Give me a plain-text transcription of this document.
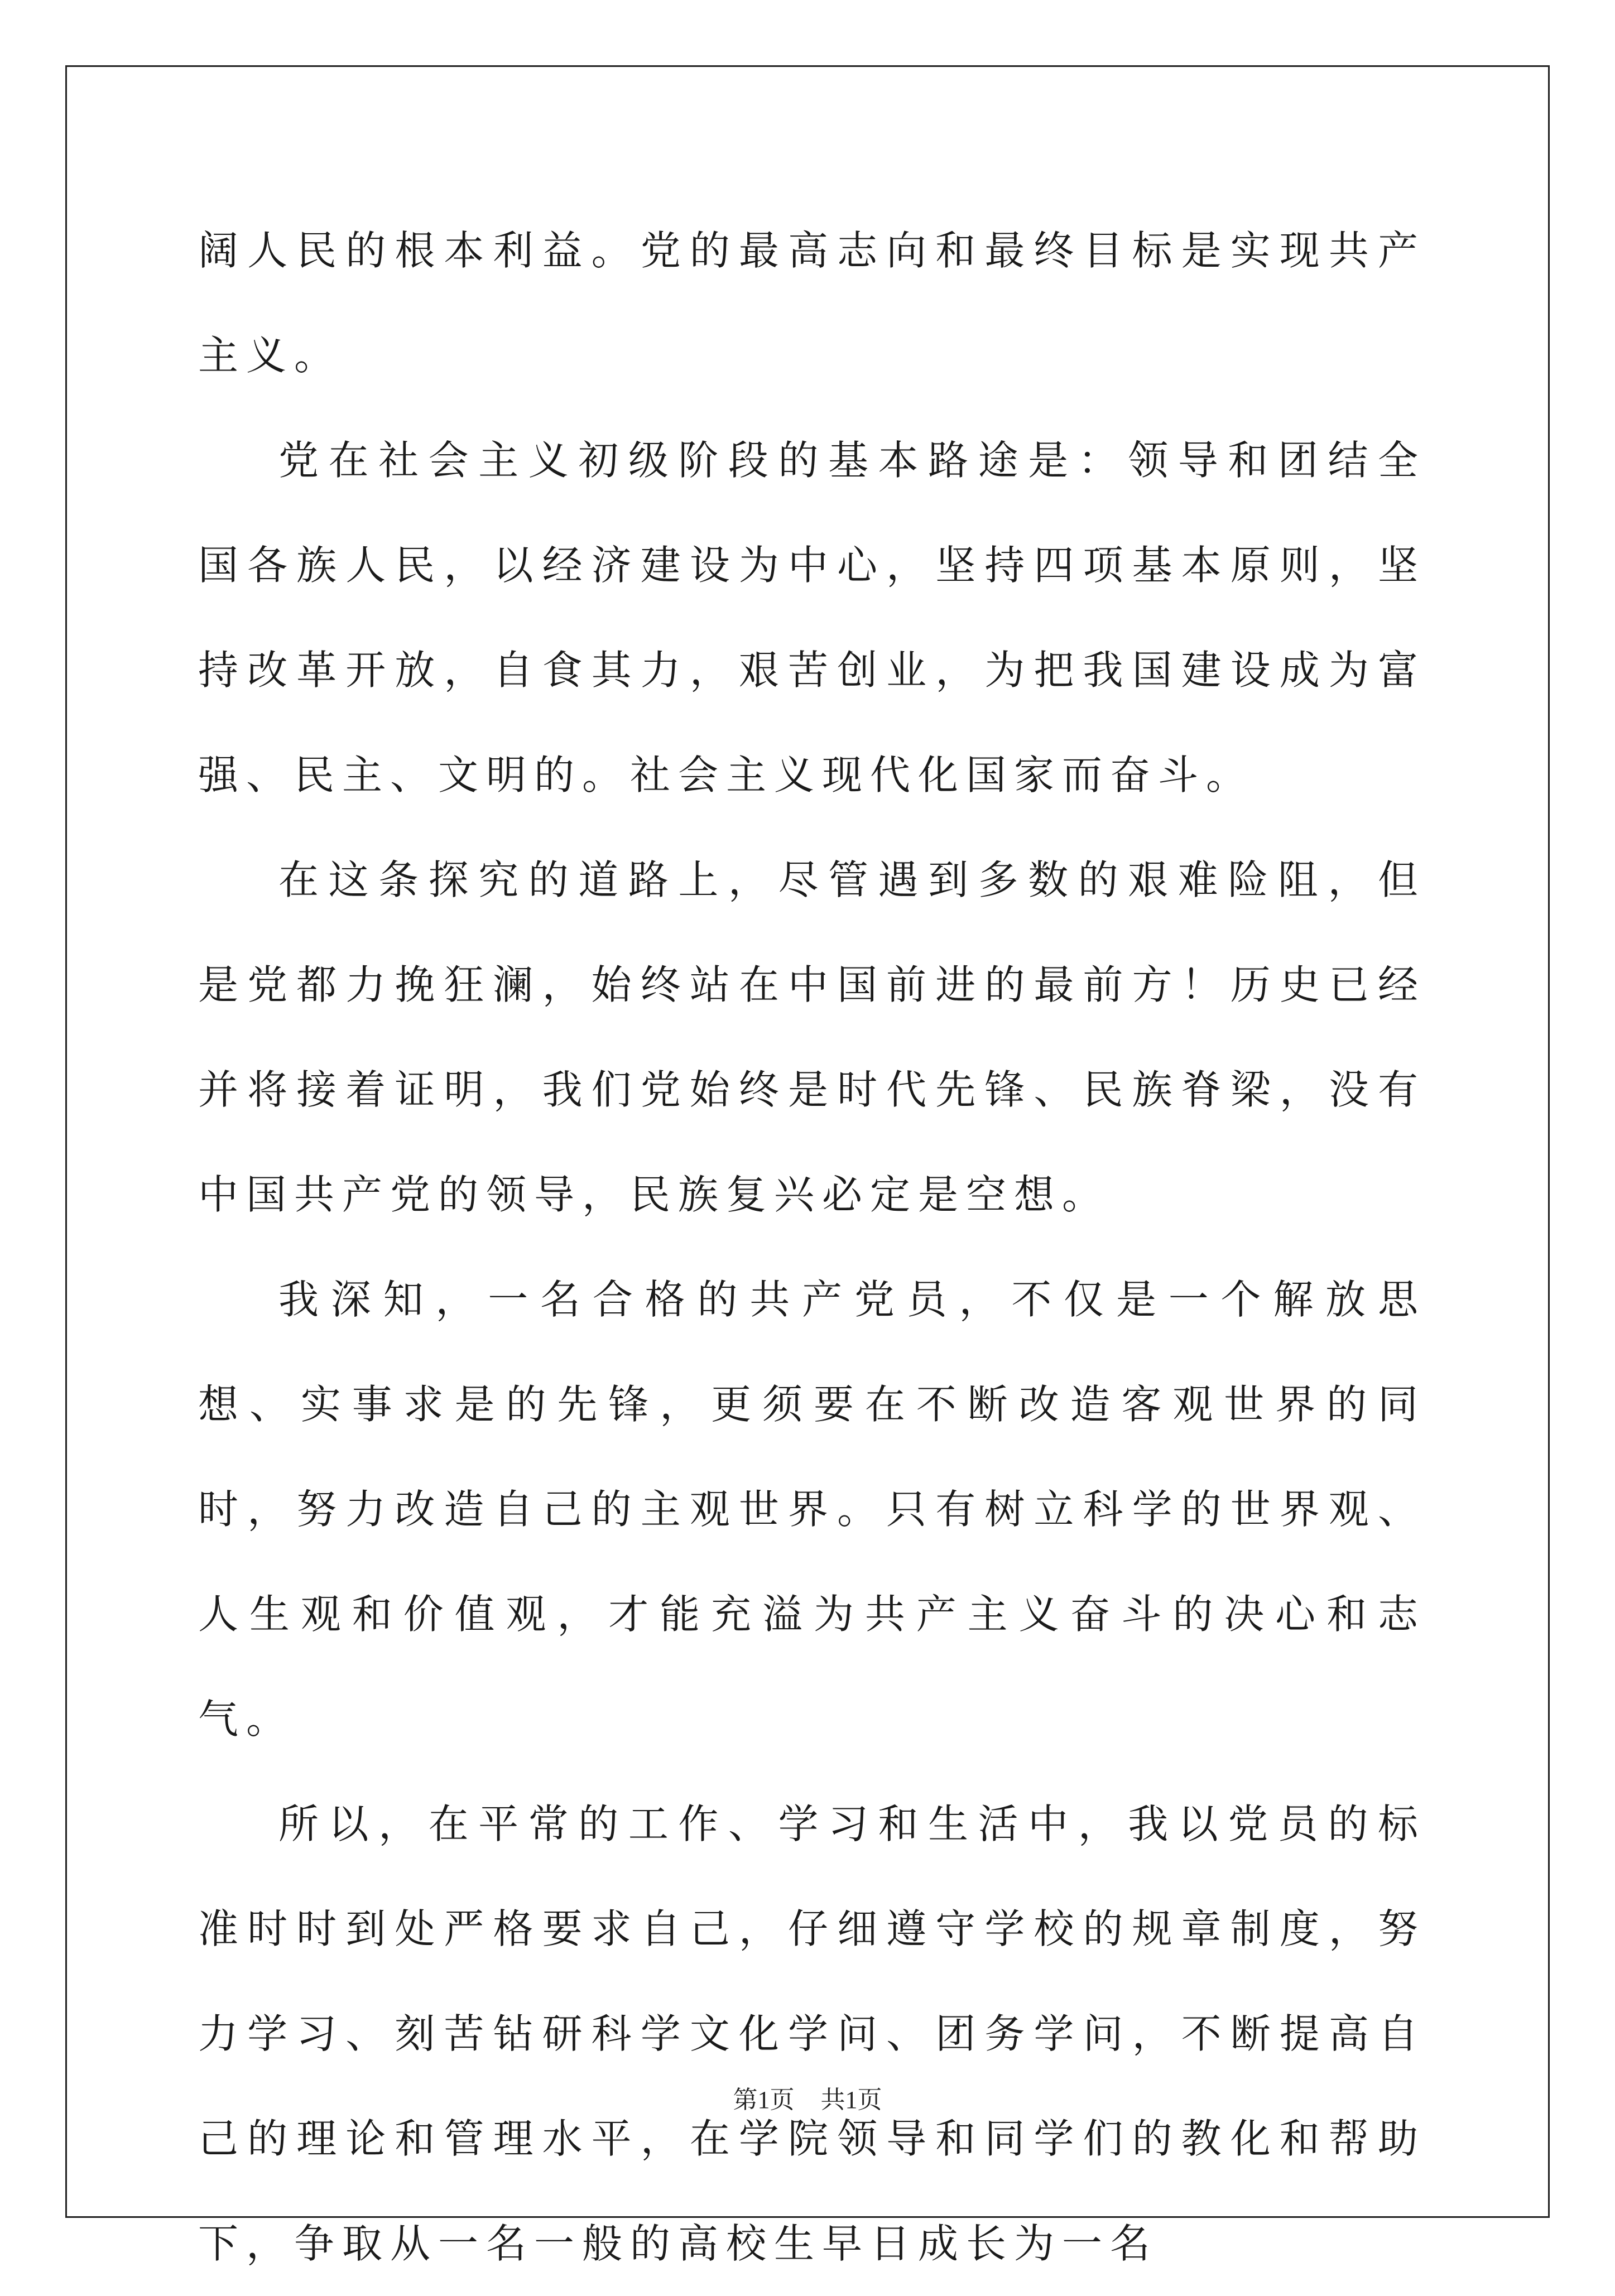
阔人民的根本利益。党的最高志向和最终目标是实现共产主义。

党在社会主义初级阶段的基本路途是：领导和团结全国各族人民，以经济建设为中心，坚持四项基本原则，坚持改革开放，自食其力，艰苦创业，为把我国建设成为富强、民主、文明的。社会主义现代化国家而奋斗。

在这条探究的道路上，尽管遇到多数的艰难险阻，但是党都力挽狂澜，始终站在中国前进的最前方！历史已经并将接着证明，我们党始终是时代先锋、民族脊梁，没有中国共产党的领导，民族复兴必定是空想。

我深知，一名合格的共产党员，不仅是一个解放思想、实事求是的先锋，更须要在不断改造客观世界的同时，努力改造自己的主观世界。只有树立科学的世界观、人生观和价值观，才能充溢为共产主义奋斗的决心和志气。

所以，在平常的工作、学习和生活中，我以党员的标准时时到处严格要求自己，仔细遵守学校的规章制度，努力学习、刻苦钻研科学文化学问、团务学问，不断提高自己的理论和管理水平，在学院领导和同学们的教化和帮助下，争取从一名一般的高校生早日成长为一名

第1页 共1页
